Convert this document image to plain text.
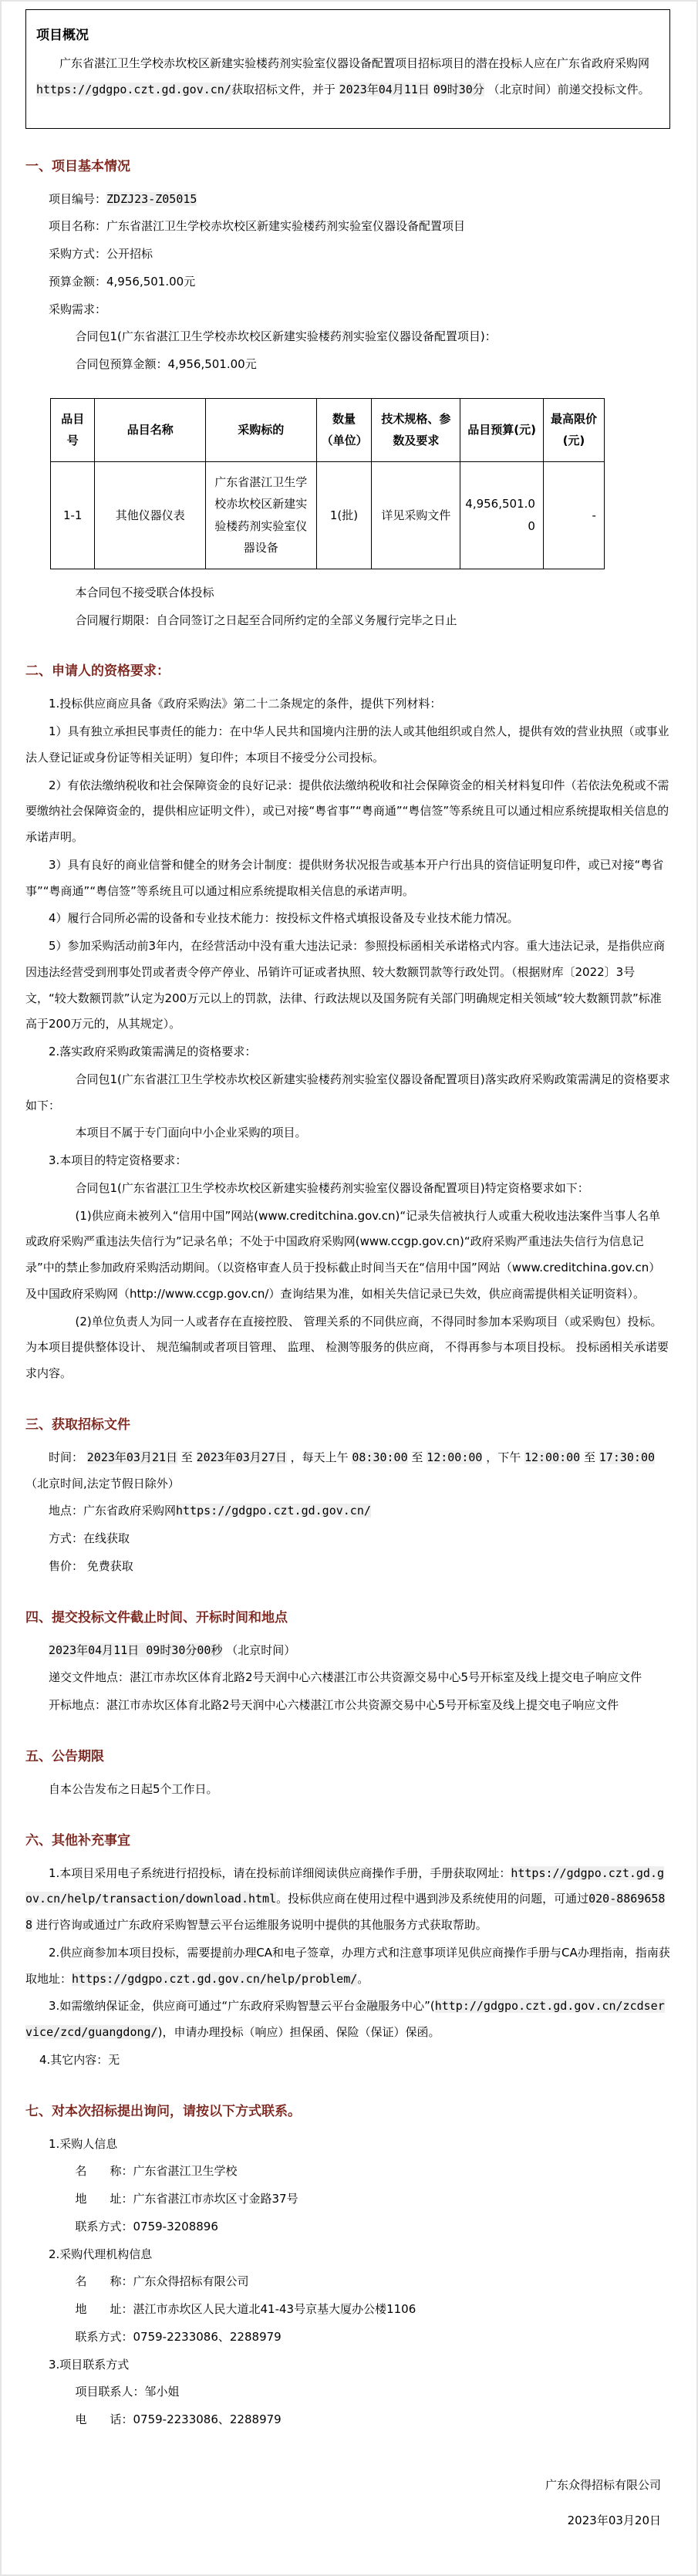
项目概况

广东省湛江卫生学校赤坎校区新建实验楼药剂实验室仪器设备配置项目招标项目的潜在投标人应在广东省政府采购网https://gdgpo.czt.gd.gov.cn/获取招标文件，并于 2023年04月11日 09时30分 （北京时间）前递交投标文件。

一、项目基本情况

项目编号：ZDZJ23-Z05015

项目名称：广东省湛江卫生学校赤坎校区新建实验楼药剂实验室仪器设备配置项目

采购方式：公开招标

预算金额：4,956,501.00元

采购需求：

合同包1(广东省湛江卫生学校赤坎校区新建实验楼药剂实验室仪器设备配置项目)：

合同包预算金额：4,956,501.00元

品目号	品目名称	采购标的	数量（单位）	技术规格、参数及要求	品目预算(元)	最高限价(元)
1-1	其他仪器仪表	广东省湛江卫生学校赤坎校区新建实验楼药剂实验室仪器设备	1(批)	详见采购文件	4,956,501.00	-

本合同包不接受联合体投标

合同履行期限：自合同签订之日起至合同所约定的全部义务履行完毕之日止

二、申请人的资格要求：

1.投标供应商应具备《政府采购法》第二十二条规定的条件，提供下列材料：

1）具有独立承担民事责任的能力：在中华人民共和国境内注册的法人或其他组织或自然人，提供有效的营业执照（或事业法人登记证或身份证等相关证明）复印件；本项目不接受分公司投标。

2）有依法缴纳税收和社会保障资金的良好记录：提供依法缴纳税收和社会保障资金的相关材料复印件（若依法免税或不需要缴纳社会保障资金的，提供相应证明文件），或已对接“粤省事”“粤商通”“粤信签”等系统且可以通过相应系统提取相关信息的承诺声明。

3）具有良好的商业信誉和健全的财务会计制度：提供财务状况报告或基本开户行出具的资信证明复印件，或已对接“粤省事”“粤商通”“粤信签”等系统且可以通过相应系统提取相关信息的承诺声明。

4）履行合同所必需的设备和专业技术能力：按投标文件格式填报设备及专业技术能力情况。

5）参加采购活动前3年内，在经营活动中没有重大违法记录：参照投标函相关承诺格式内容。重大违法记录，是指供应商因违法经营受到刑事处罚或者责令停产停业、吊销许可证或者执照、较大数额罚款等行政处罚。（根据财库〔2022〕3号文，“较大数额罚款”认定为200万元以上的罚款，法律、行政法规以及国务院有关部门明确规定相关领域“较大数额罚款”标准高于200万元的，从其规定）。

2.落实政府采购政策需满足的资格要求：

合同包1(广东省湛江卫生学校赤坎校区新建实验楼药剂实验室仪器设备配置项目)落实政府采购政策需满足的资格要求如下：

本项目不属于专门面向中小企业采购的项目。

3.本项目的特定资格要求：

合同包1(广东省湛江卫生学校赤坎校区新建实验楼药剂实验室仪器设备配置项目)特定资格要求如下：

(1)供应商未被列入“信用中国”网站(www.creditchina.gov.cn)“记录失信被执行人或重大税收违法案件当事人名单或政府采购严重违法失信行为”记录名单；不处于中国政府采购网(www.ccgp.gov.cn)“政府采购严重违法失信行为信息记录”中的禁止参加政府采购活动期间。（以资格审查人员于投标截止时间当天在“信用中国”网站（www.creditchina.gov.cn）及中国政府采购网（http://www.ccgp.gov.cn/）查询结果为准，如相关失信记录已失效，供应商需提供相关证明资料）。

(2)单位负责人为同一人或者存在直接控股、 管理关系的不同供应商，不得同时参加本采购项目（或采购包）投标。 为本项目提供整体设计、 规范编制或者项目管理、 监理、 检测等服务的供应商， 不得再参与本项目投标。 投标函相关承诺要求内容。

三、获取招标文件

时间： 2023年03月21日 至 2023年03月27日 ，每天上午 08:30:00 至 12:00:00 ，下午 12:00:00 至 17:30:00（北京时间,法定节假日除外）

地点：广东省政府采购网https://gdgpo.czt.gd.gov.cn/

方式：在线获取

售价： 免费获取

四、提交投标文件截止时间、开标时间和地点

2023年04月11日 09时30分00秒 （北京时间）

递交文件地点：湛江市赤坎区体育北路2号天润中心六楼湛江市公共资源交易中心5号开标室及线上提交电子响应文件

开标地点：湛江市赤坎区体育北路2号天润中心六楼湛江市公共资源交易中心5号开标室及线上提交电子响应文件

五、公告期限

自本公告发布之日起5个工作日。

六、其他补充事宜

1.本项目采用电子系统进行招投标，请在投标前详细阅读供应商操作手册，手册获取网址：https://gdgpo.czt.gd.gov.cn/help/transaction/download.html。投标供应商在使用过程中遇到涉及系统使用的问题，可通过020-88696588 进行咨询或通过广东政府采购智慧云平台运维服务说明中提供的其他服务方式获取帮助。

2.供应商参加本项目投标，需要提前办理CA和电子签章，办理方式和注意事项详见供应商操作手册与CA办理指南，指南获取地址：https://gdgpo.czt.gd.gov.cn/help/problem/。

3.如需缴纳保证金，供应商可通过“广东政府采购智慧云平台金融服务中心”(http://gdgpo.czt.gd.gov.cn/zcdservice/zcd/guangdong/)，申请办理投标（响应）担保函、保险（保证）保函。

4.其它内容：无

七、对本次招标提出询问，请按以下方式联系。

1.采购人信息

名　　称：广东省湛江卫生学校

地　　址：广东省湛江市赤坎区寸金路37号

联系方式：0759-3208896

2.采购代理机构信息

名　　称：广东众得招标有限公司

地　　址：湛江市赤坎区人民大道北41-43号京基大厦办公楼1106

联系方式：0759-2233086、2288979

3.项目联系方式

项目联系人：邹小姐

电　　话：0759-2233086、2288979

广东众得招标有限公司
2023年03月20日
